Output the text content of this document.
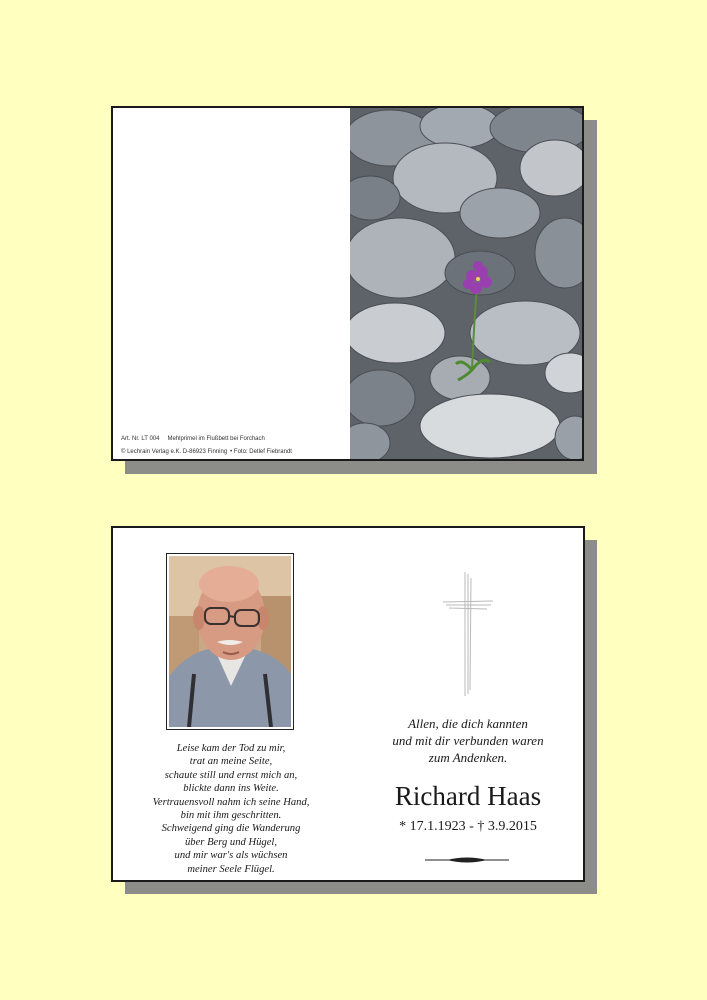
Art. Nr. LT 004 Mehlprimel im Flußbett bei Forchach
© Lechrain Verlag e.K. D-86923 Finning • Foto: Detlef Fiebrandt
Leise kam der Tod zu mir,
trat an meine Seite,
schaute still und ernst mich an,
blickte dann ins Weite.
Vertrauensvoll nahm ich seine Hand,
bin mit ihm geschritten.
Schweigend ging die Wanderung
über Berg und Hügel,
und mir war's als wüchsen
meiner Seele Flügel.
Allen, die dich kannten
und mit dir verbunden waren
zum Andenken.
Richard Haas
* 17.1.1923 - † 3.9.2015
